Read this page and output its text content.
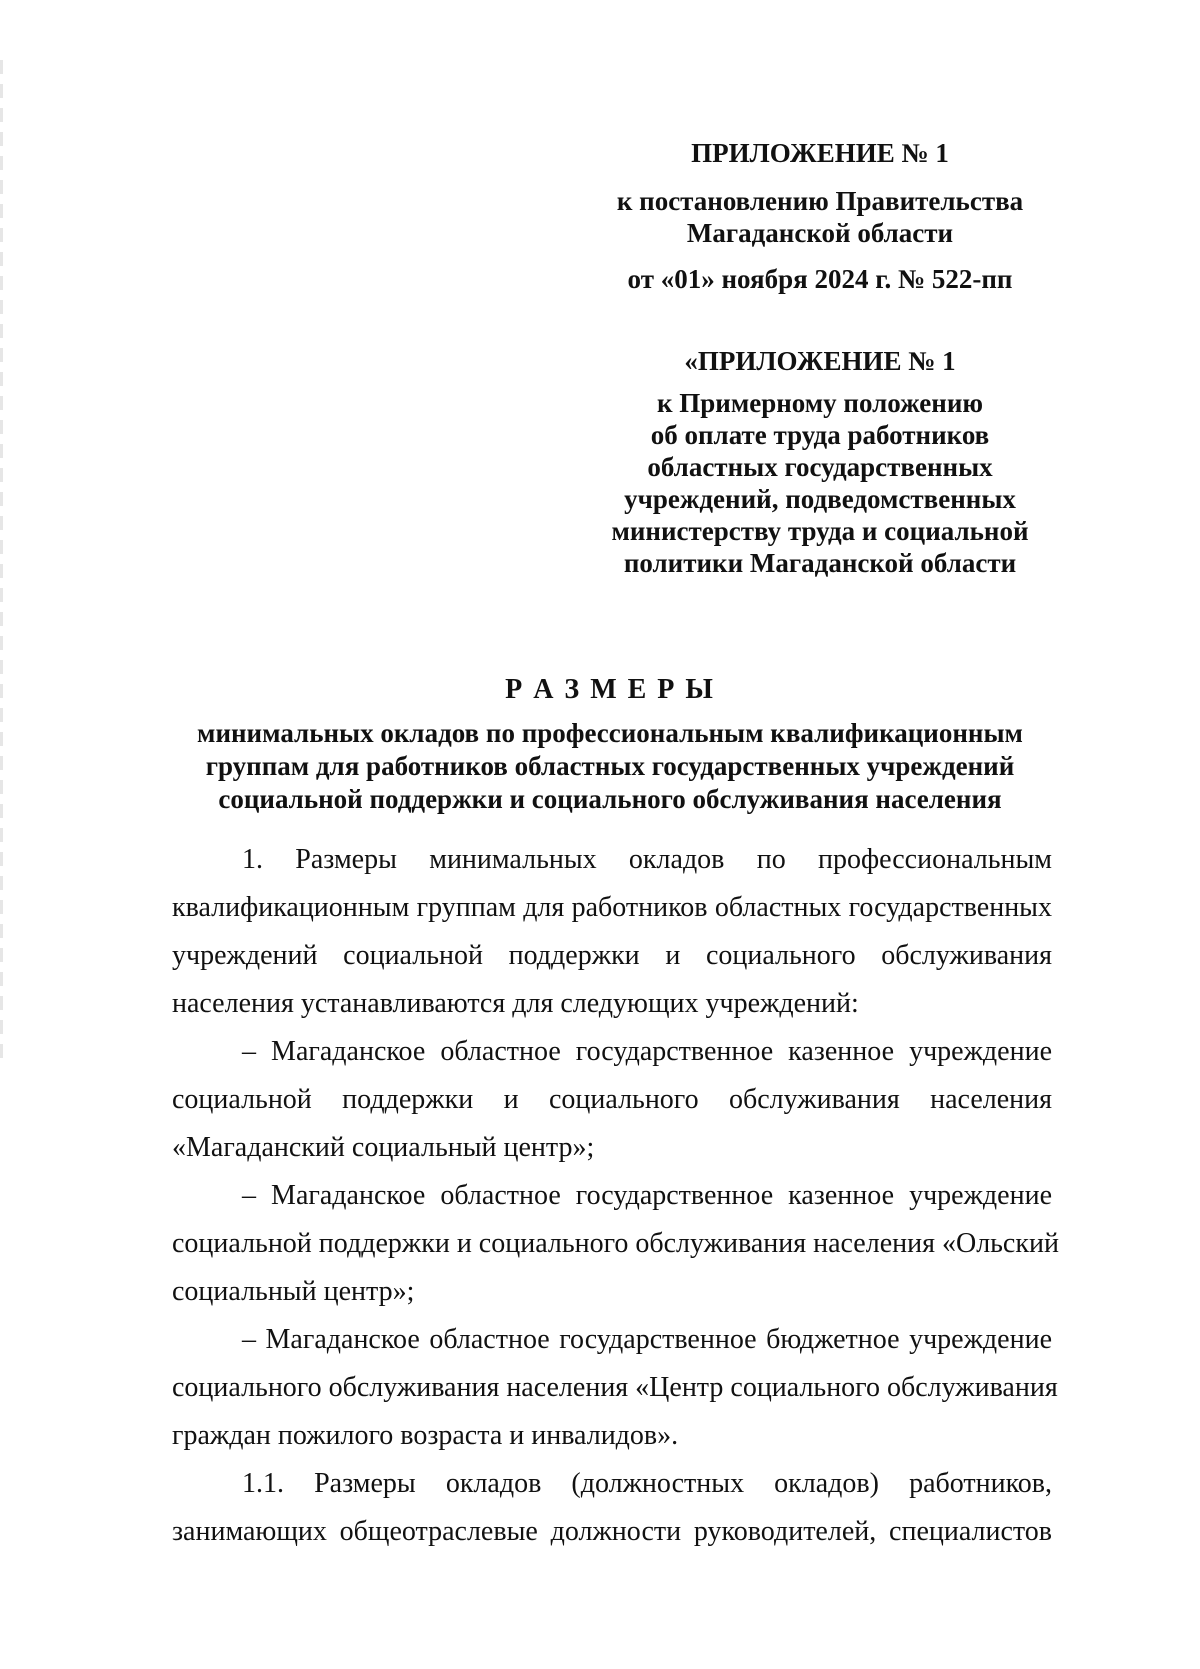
ПРИЛОЖЕНИЕ № 1
к постановлению Правительства
Магаданской области
от «01» ноября 2024 г. № 522-пп
«ПРИЛОЖЕНИЕ № 1
к Примерному положению
об оплате труда работников
областных государственных
учреждений, подведомственных
министерству труда и социальной
политики Магаданской области
Р А З М Е Р Ы
минимальных окладов по профессиональным квалификационным
группам для работников областных государственных учреждений
социальной поддержки и социального обслуживания населения
1. Размеры минимальных окладов по профессиональным
квалификационным группам для работников областных государственных
учреждений социальной поддержки и социального обслуживания
населения устанавливаются для следующих учреждений:
– Магаданское областное государственное казенное учреждение
социальной поддержки и социального обслуживания населения
«Магаданский социальный центр»;
– Магаданское областное государственное казенное учреждение
социальной поддержки и социального обслуживания населения «Ольский
социальный центр»;
– Магаданское областное государственное бюджетное учреждение
социального обслуживания населения «Центр социального обслуживания
граждан пожилого возраста и инвалидов».
1.1. Размеры окладов (должностных окладов) работников,
занимающих общеотраслевые должности руководителей, специалистов
